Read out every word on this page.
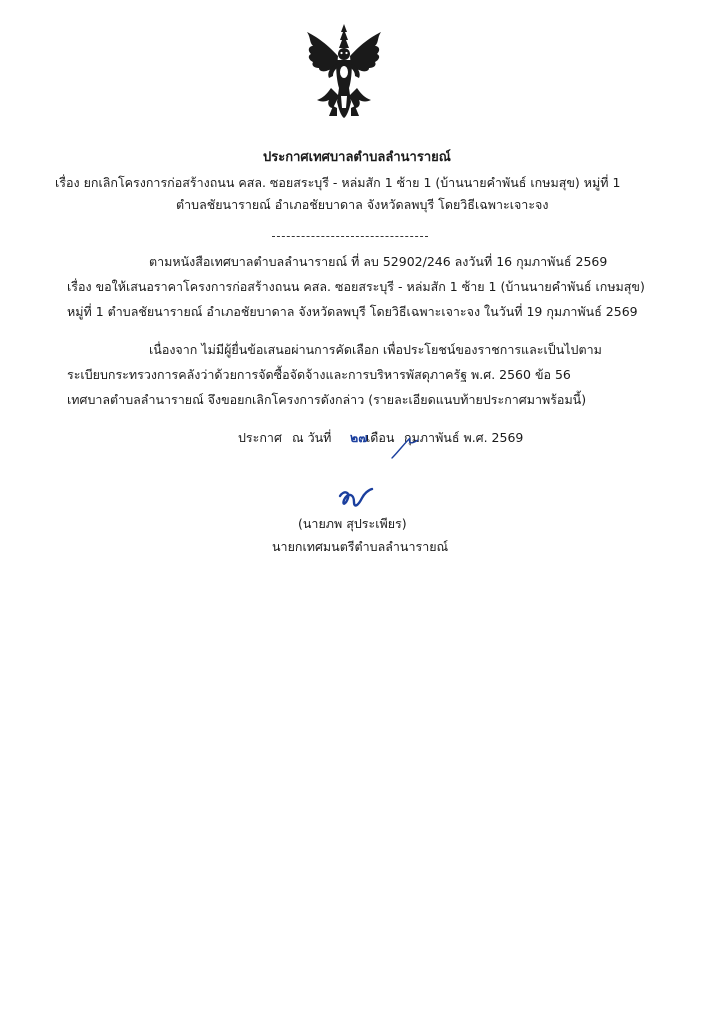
ประกาศเทศบาลตำบลลำนารายณ์
เรื่อง ยกเลิกโครงการก่อสร้างถนน คสล. ซอยสระบุรี - หล่มสัก 1 ซ้าย 1 (บ้านนายคำพันธ์ เกษมสุข) หมู่ที่ 1
ตำบลชัยนารายณ์ อำเภอชัยบาดาล จังหวัดลพบุรี โดยวิธีเฉพาะเจาะจง
ตามหนังสือเทศบาลตำบลลำนารายณ์ ที่ ลบ 52902/246 ลงวันที่ 16 กุมภาพันธ์ 2569
เรื่อง ขอให้เสนอราคาโครงการก่อสร้างถนน คสล. ซอยสระบุรี - หล่มสัก 1 ซ้าย 1 (บ้านนายคำพันธ์ เกษมสุข)
หมู่ที่ 1 ตำบลชัยนารายณ์ อำเภอชัยบาดาล จังหวัดลพบุรี โดยวิธีเฉพาะเจาะจง ในวันที่ 19 กุมภาพันธ์ 2569
เนื่องจาก ไม่มีผู้ยื่นข้อเสนอผ่านการคัดเลือก เพื่อประโยชน์ของราชการและเป็นไปตาม
ระเบียบกระทรวงการคลังว่าด้วยการจัดซื้อจัดจ้างและการบริหารพัสดุภาครัฐ พ.ศ. 2560 ข้อ 56
เทศบาลตำบลลำนารายณ์ จึงขอยกเลิกโครงการดังกล่าว (รายละเอียดแนบท้ายประกาศมาพร้อมนี้)
ประกาศ ณ วันที่ ๒๗
เดือน กุมภาพันธ์ พ.ศ. 2569
(นายภพ สุประเพียร)
นายกเทศมนตรีตำบลลำนารายณ์
